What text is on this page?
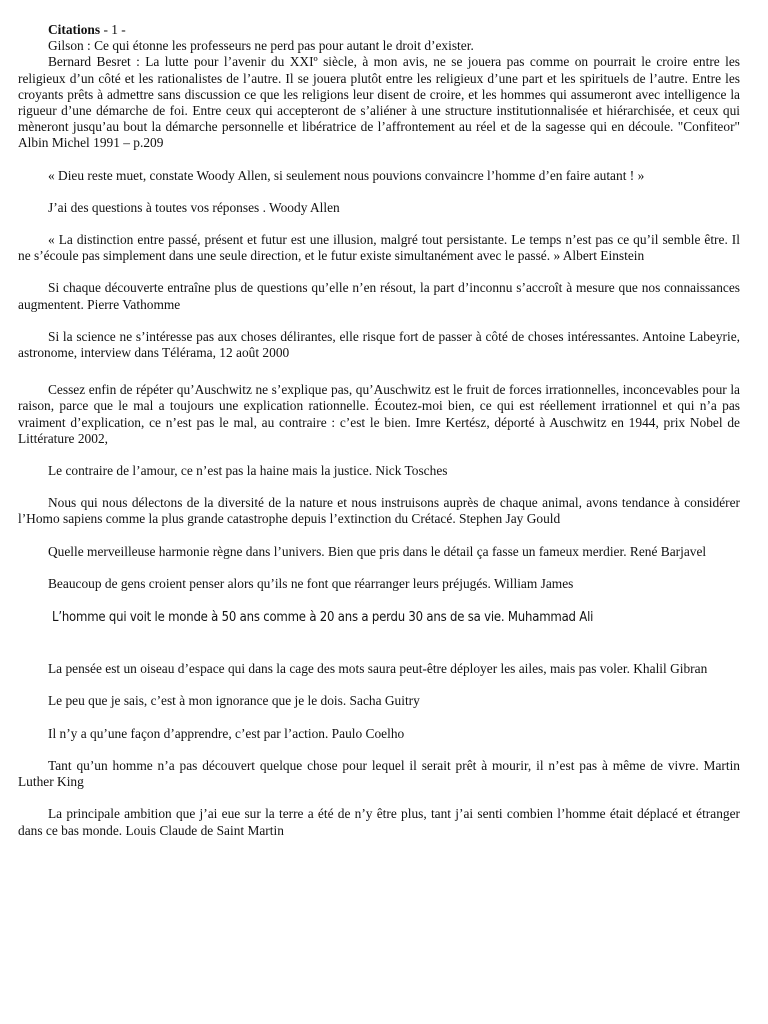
Citations - 1 -

Gilson : Ce qui étonne les professeurs ne perd pas pour autant le droit d’exister.

Bernard Besret : La lutte pour l’avenir du XXIº siècle, à mon avis, ne se jouera pas comme on pourrait le croire entre les religieux d’un côté et les rationalistes de l’autre. Il se jouera plutôt entre les religieux d’une part et les spirituels de l’autre. Entre les croyants prêts à admettre sans discussion ce que les religions leur disent de croire, et les hommes qui assumeront avec intelligence la rigueur d’une démarche de foi. Entre ceux qui accepteront de s’aliéner à une structure institutionnalisée et hiérarchisée, et ceux qui mèneront jusqu’au bout la démarche personnelle et libératrice de l’affrontement au réel et de la sagesse qui en découle. "Confiteor" Albin Michel 1991 – p.209

« Dieu reste muet, constate Woody Allen, si seulement nous pouvions convaincre l’homme d’en faire autant ! »

J’ai des questions à toutes vos réponses . Woody Allen

« La distinction entre passé, présent et futur est une illusion, malgré tout persistante. Le temps n’est pas ce qu’il semble être. Il ne s’écoule pas simplement dans une seule direction, et le futur existe simultanément avec le passé. » Albert Einstein

Si chaque découverte entraîne plus de questions qu’elle n’en résout, la part d’inconnu s’accroît à mesure que nos connaissances augmentent. Pierre Vathomme

Si la science ne s’intéresse pas aux choses délirantes, elle risque fort de passer à côté de choses intéressantes. Antoine Labeyrie, astronome, interview dans Télérama, 12 août 2000

Cessez enfin de répéter qu’Auschwitz ne s’explique pas, qu’Auschwitz est le fruit de forces irrationnelles, inconcevables pour la raison, parce que le mal a toujours une explication rationnelle. Écoutez-moi bien, ce qui est réellement irrationnel et qui n’a pas vraiment d’explication, ce n’est pas le mal, au contraire : c’est le bien. Imre Kertész, déporté à Auschwitz en 1944, prix Nobel de Littérature 2002,

Le contraire de l’amour, ce n’est pas la haine mais la justice. Nick Tosches

Nous qui nous délectons de la diversité de la nature et nous instruisons auprès de chaque animal, avons tendance à considérer l’Homo sapiens comme la plus grande catastrophe depuis l’extinction du Crétacé. Stephen Jay Gould

Quelle merveilleuse harmonie règne dans l’univers. Bien que pris dans le détail ça fasse un fameux merdier. René Barjavel

Beaucoup de gens croient penser alors qu’ils ne font que réarranger leurs préjugés. William James

L’homme qui voit le monde à 50 ans comme à 20 ans a perdu 30 ans de sa vie. Muhammad Ali

La pensée est un oiseau d’espace qui dans la cage des mots saura peut-être déployer les ailes, mais pas voler. Khalil Gibran

Le peu que je sais, c’est à mon ignorance que je le dois. Sacha Guitry

Il n’y a qu’une façon d’apprendre, c’est par l’action. Paulo Coelho

Tant qu’un homme n’a pas découvert quelque chose pour lequel il serait prêt à mourir, il n’est pas à même de vivre. Martin Luther King

La principale ambition que j’ai eue sur la terre a été de n’y être plus, tant j’ai senti combien l’homme était déplacé et étranger dans ce bas monde. Louis Claude de Saint Martin
